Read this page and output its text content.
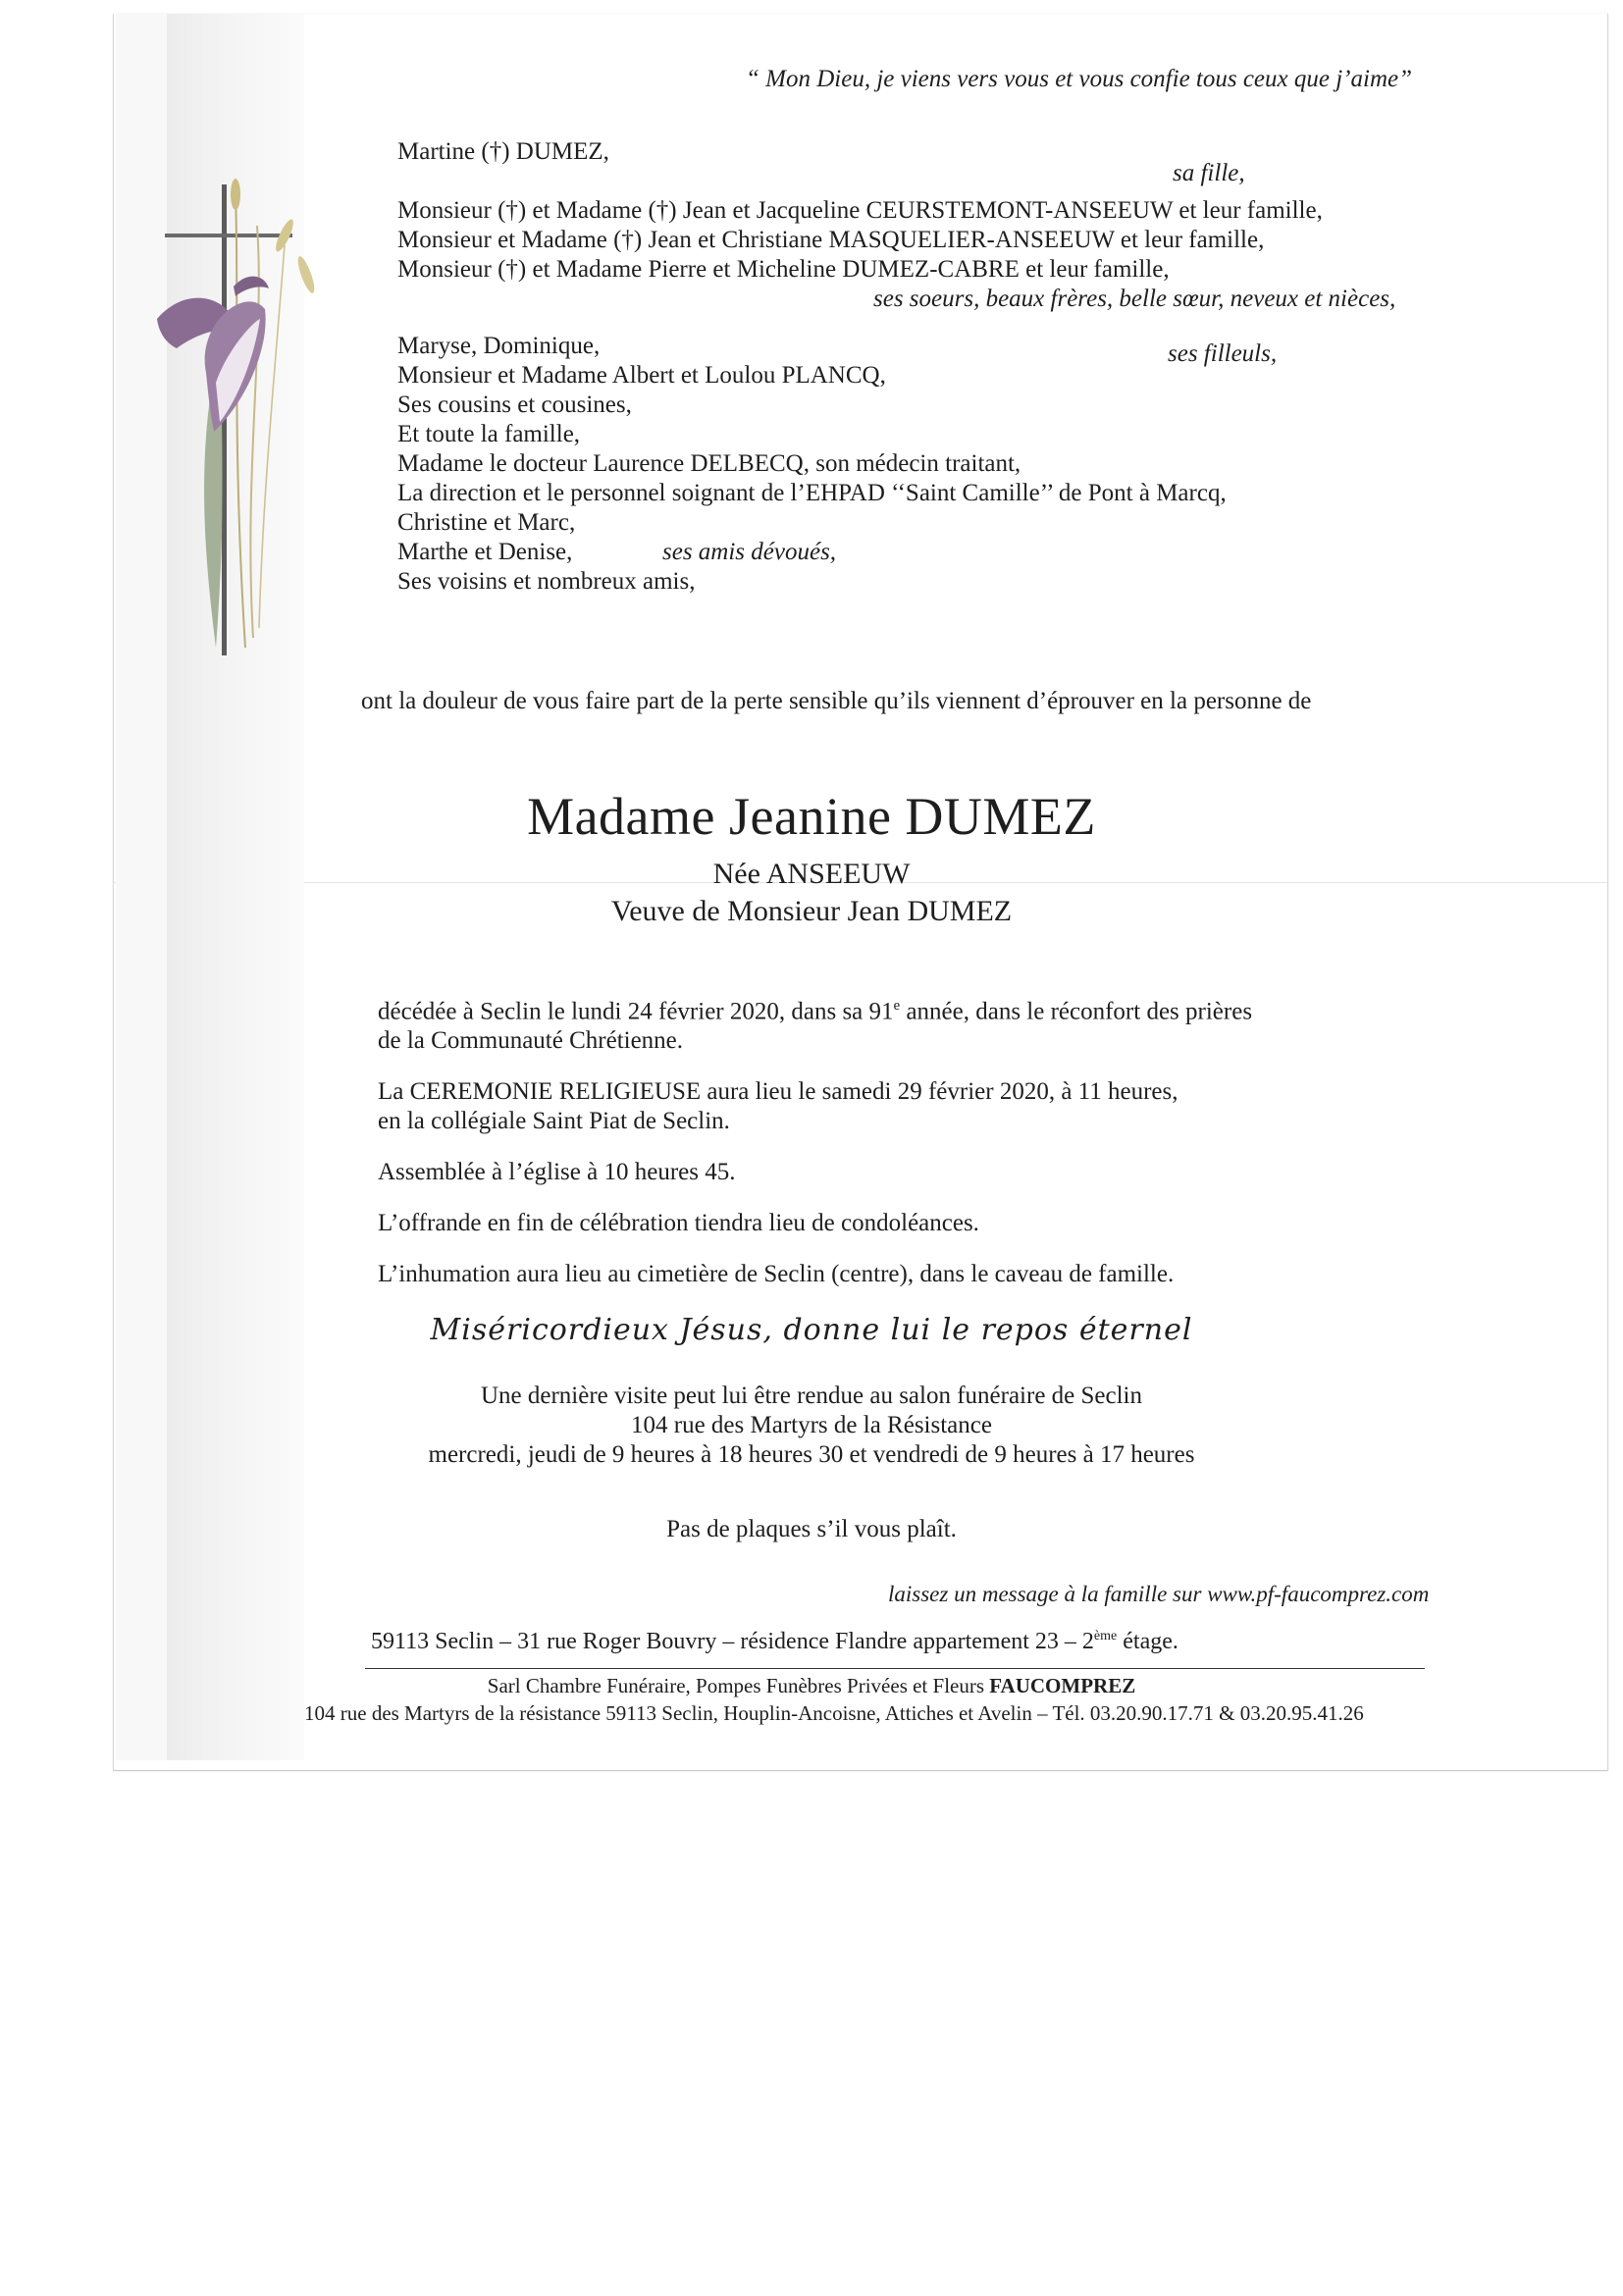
“ Mon Dieu, je viens vers vous et vous confie tous ceux que j’aime”
Martine (†) DUMEZ,
sa fille,
Monsieur (†) et Madame (†) Jean et Jacqueline CEURSTEMONT-ANSEEUW et leur famille,
Monsieur et Madame (†) Jean et Christiane MASQUELIER-ANSEEUW et leur famille,
Monsieur (†) et Madame Pierre et Micheline DUMEZ-CABRE et leur famille,
ses soeurs, beaux frères, belle sœur, neveux et nièces,
Maryse, Dominique,	ses filleuls,
Monsieur et Madame Albert et Loulou PLANCQ,
Ses cousins et cousines,
Et toute la famille,
Madame le docteur Laurence DELBECQ, son médecin traitant,
La direction et le personnel soignant de l’EHPAD ‘‘Saint Camille’’ de Pont à Marcq,
Christine et Marc,
Marthe et Denise,	ses amis dévoués,
Ses voisins et nombreux amis,
ont la douleur de vous faire part de la perte sensible qu’ils viennent d’éprouver en la personne de
Madame Jeanine DUMEZ
Née ANSEEUW
Veuve de Monsieur Jean DUMEZ
décédée à Seclin le lundi 24 février 2020, dans sa 91e année, dans le réconfort des prières
de la Communauté Chrétienne.
La CEREMONIE RELIGIEUSE aura lieu le samedi 29 février 2020, à 11 heures,
en la collégiale Saint Piat de Seclin.
Assemblée à l’église à 10 heures 45.
L’offrande en fin de célébration tiendra lieu de condoléances.
L’inhumation aura lieu au cimetière de Seclin (centre), dans le caveau de famille.
Miséricordieux Jésus, donne lui le repos éternel
Une dernière visite peut lui être rendue au salon funéraire de Seclin
104 rue des Martyrs de la Résistance
mercredi, jeudi de 9 heures à 18 heures 30 et vendredi de 9 heures à 17 heures
Pas de plaques s’il vous plaît.
laissez un message à la famille sur www.pf-faucomprez.com
59113 Seclin – 31 rue Roger Bouvry – résidence Flandre appartement 23 – 2ème étage.
Sarl Chambre Funéraire, Pompes Funèbres Privées et Fleurs FAUCOMPREZ
104 rue des Martyrs de la résistance 59113 Seclin, Houplin-Ancoisne, Attiches et Avelin – Tél. 03.20.90.17.71 & 03.20.95.41.26
